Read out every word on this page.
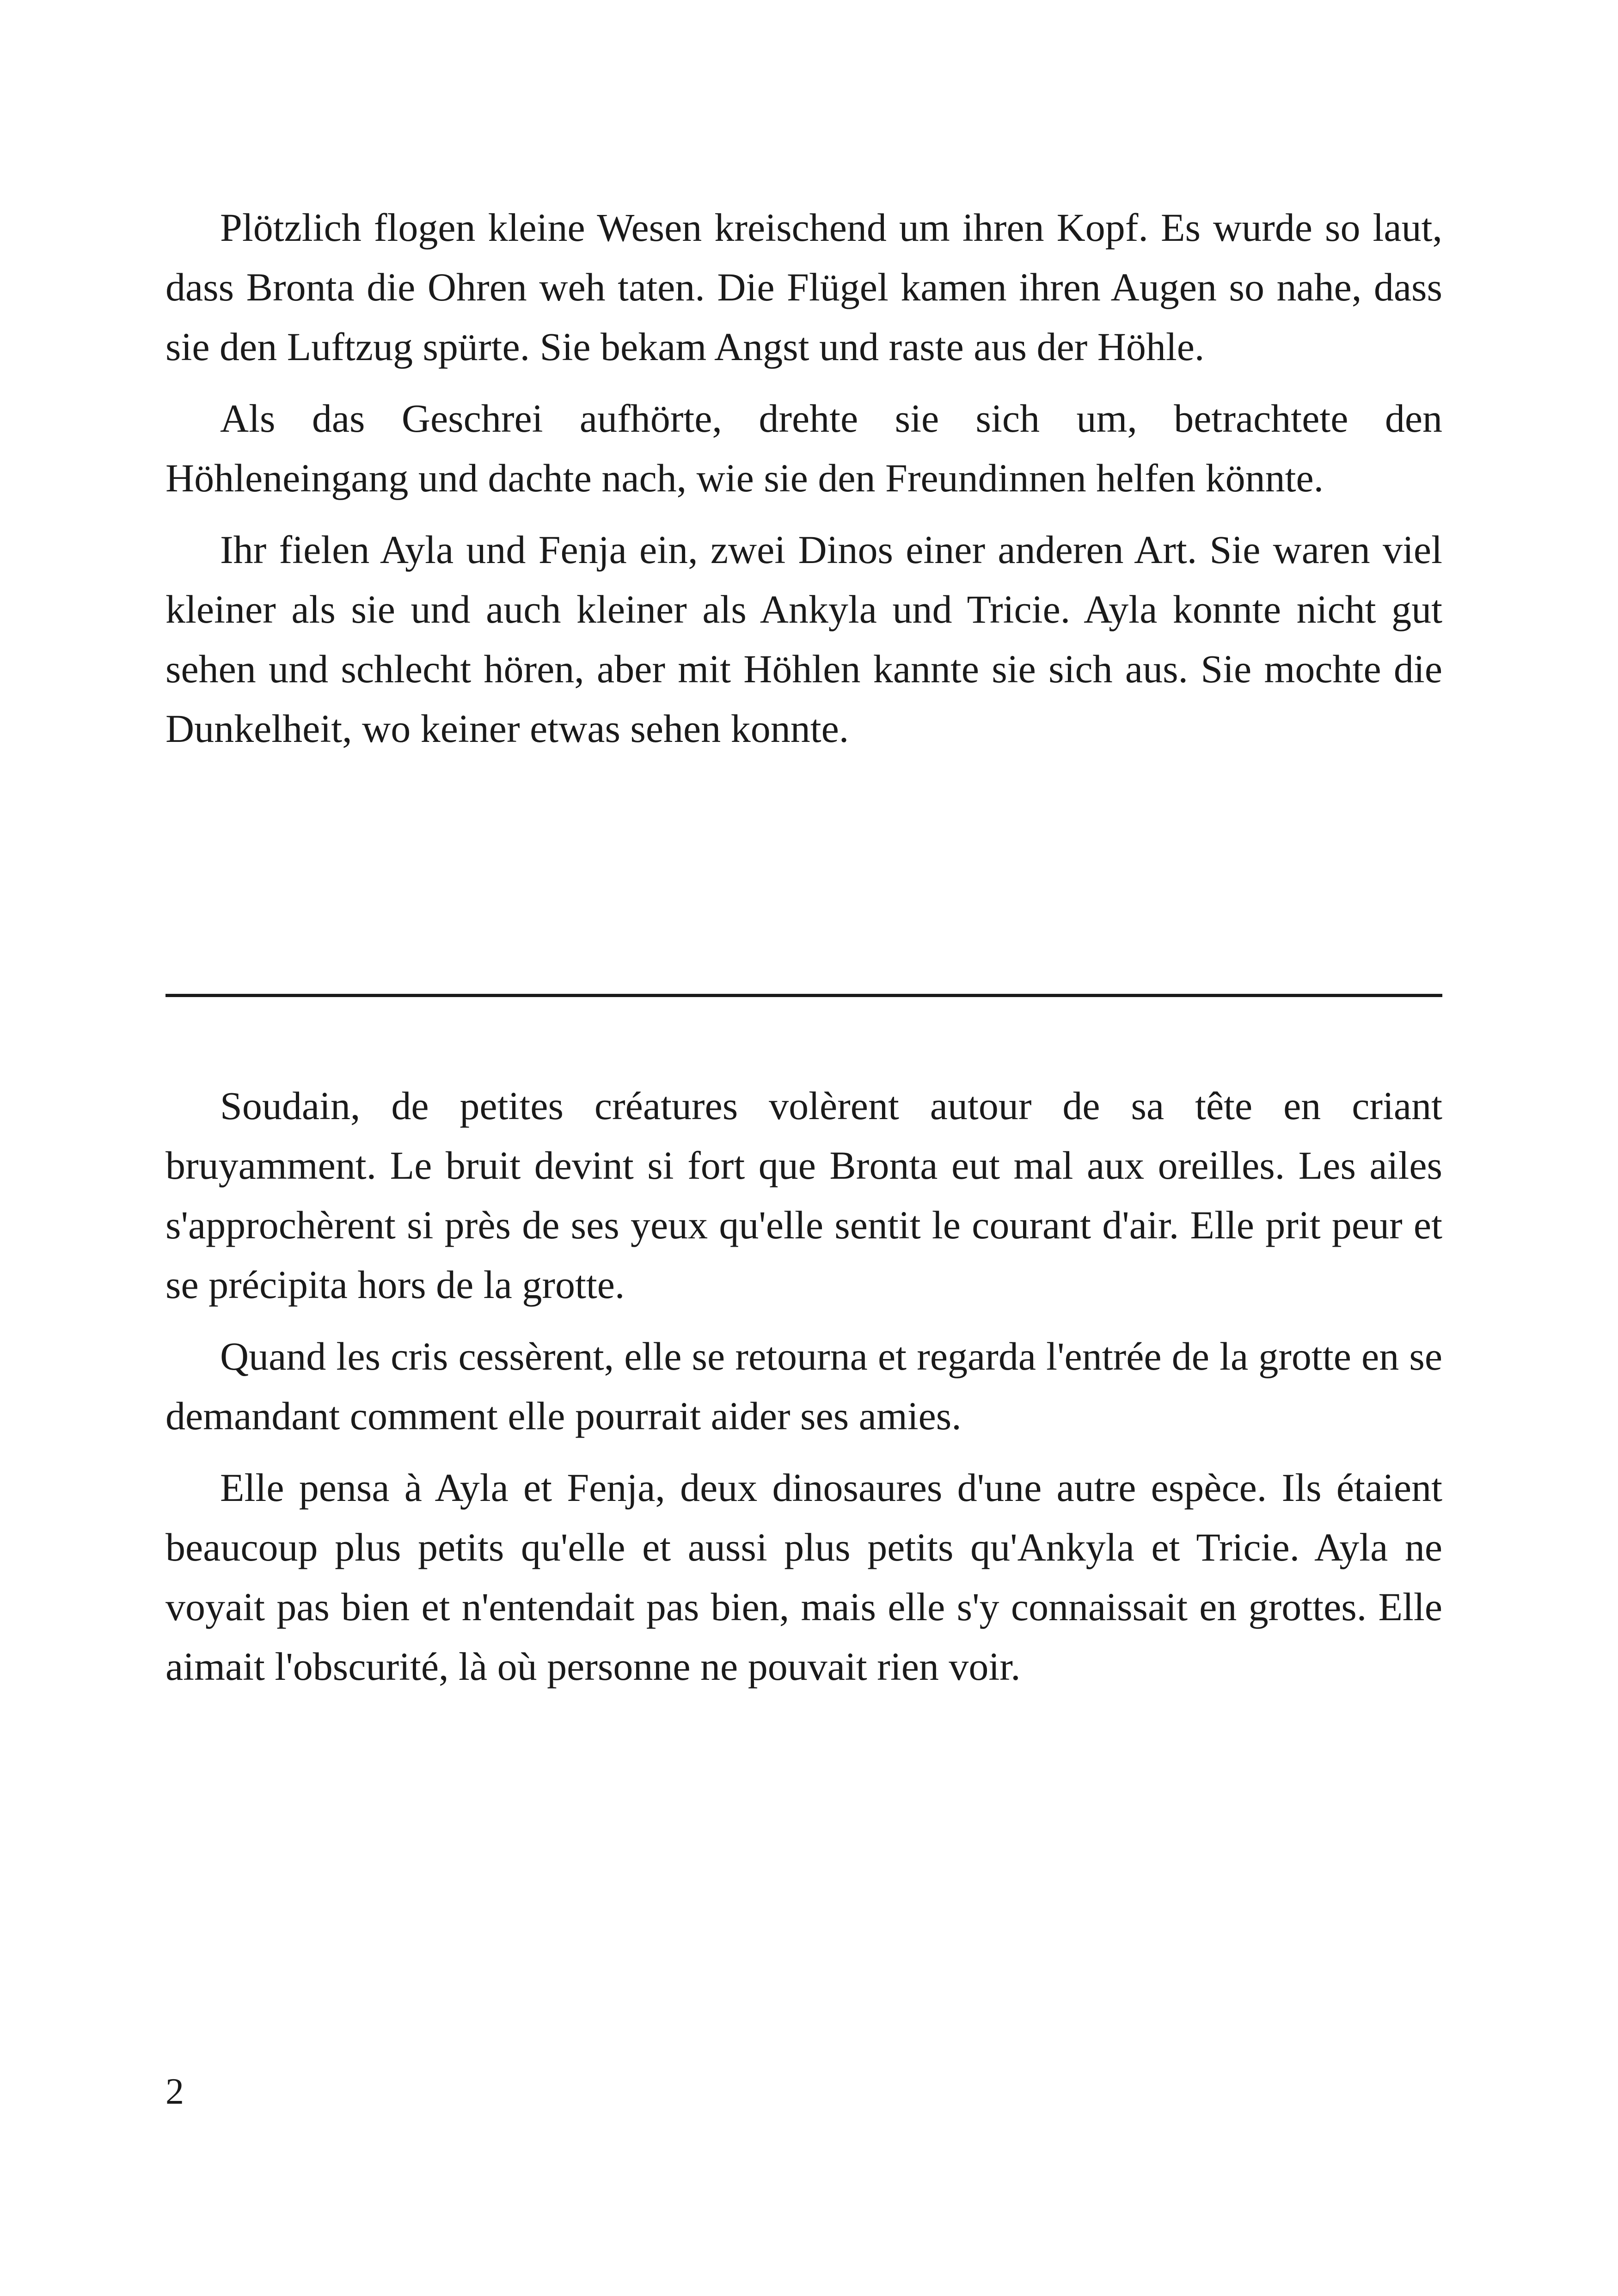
Plötzlich flogen kleine Wesen kreischend um ihren Kopf. Es wurde so laut, dass Bronta die Ohren weh taten. Die Flügel kamen ihren Augen so nahe, dass sie den Luftzug spürte. Sie bekam Angst und raste aus der Höhle.

Als das Geschrei aufhörte, drehte sie sich um, betrachtete den Höhleneingang und dachte nach, wie sie den Freundinnen helfen könnte.

Ihr fielen Ayla und Fenja ein, zwei Dinos einer anderen Art. Sie waren viel kleiner als sie und auch kleiner als Ankyla und Tricie. Ayla konnte nicht gut sehen und schlecht hören, aber mit Höhlen kannte sie sich aus. Sie mochte die Dunkelheit, wo keiner etwas sehen konnte.

Soudain, de petites créatures volèrent autour de sa tête en criant bruyamment. Le bruit devint si fort que Bronta eut mal aux oreilles. Les ailes s'approchèrent si près de ses yeux qu'elle sentit le courant d'air. Elle prit peur et se précipita hors de la grotte.

Quand les cris cessèrent, elle se retourna et regarda l'entrée de la grotte en se demandant comment elle pourrait aider ses amies.

Elle pensa à Ayla et Fenja, deux dinosaures d'une autre espèce. Ils étaient beaucoup plus petits qu'elle et aussi plus petits qu'Ankyla et Tricie. Ayla ne voyait pas bien et n'entendait pas bien, mais elle s'y connaissait en grottes. Elle aimait l'obscurité, là où personne ne pouvait rien voir.

2
